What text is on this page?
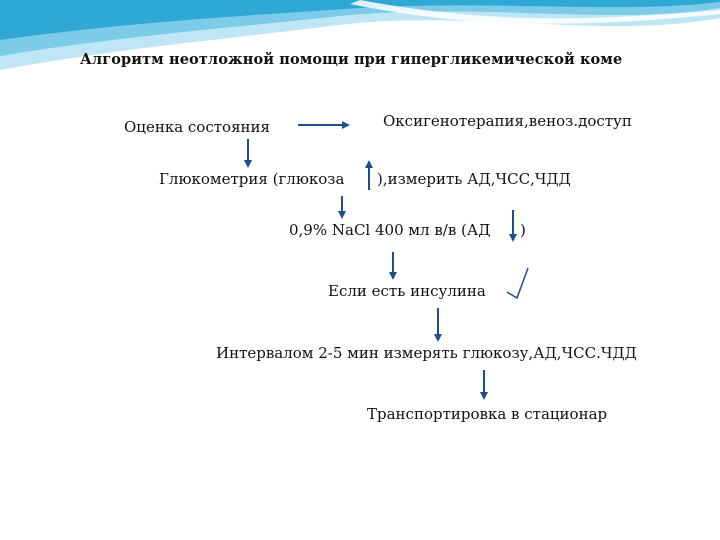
Алгоритм неотложной помощи при гипергликемической коме
Оценка состояния	Оксигенотерапия,веноз.доступ
Глюкометрия (глюкоза ),измерить АД,ЧСС,ЧДД
0,9% NaCl 400 мл в/в (АД )
Если есть инсулина
Интервалом 2-5 мин измерять глюкозу,АД,ЧСС.ЧДД
Транспортировка в стационар
